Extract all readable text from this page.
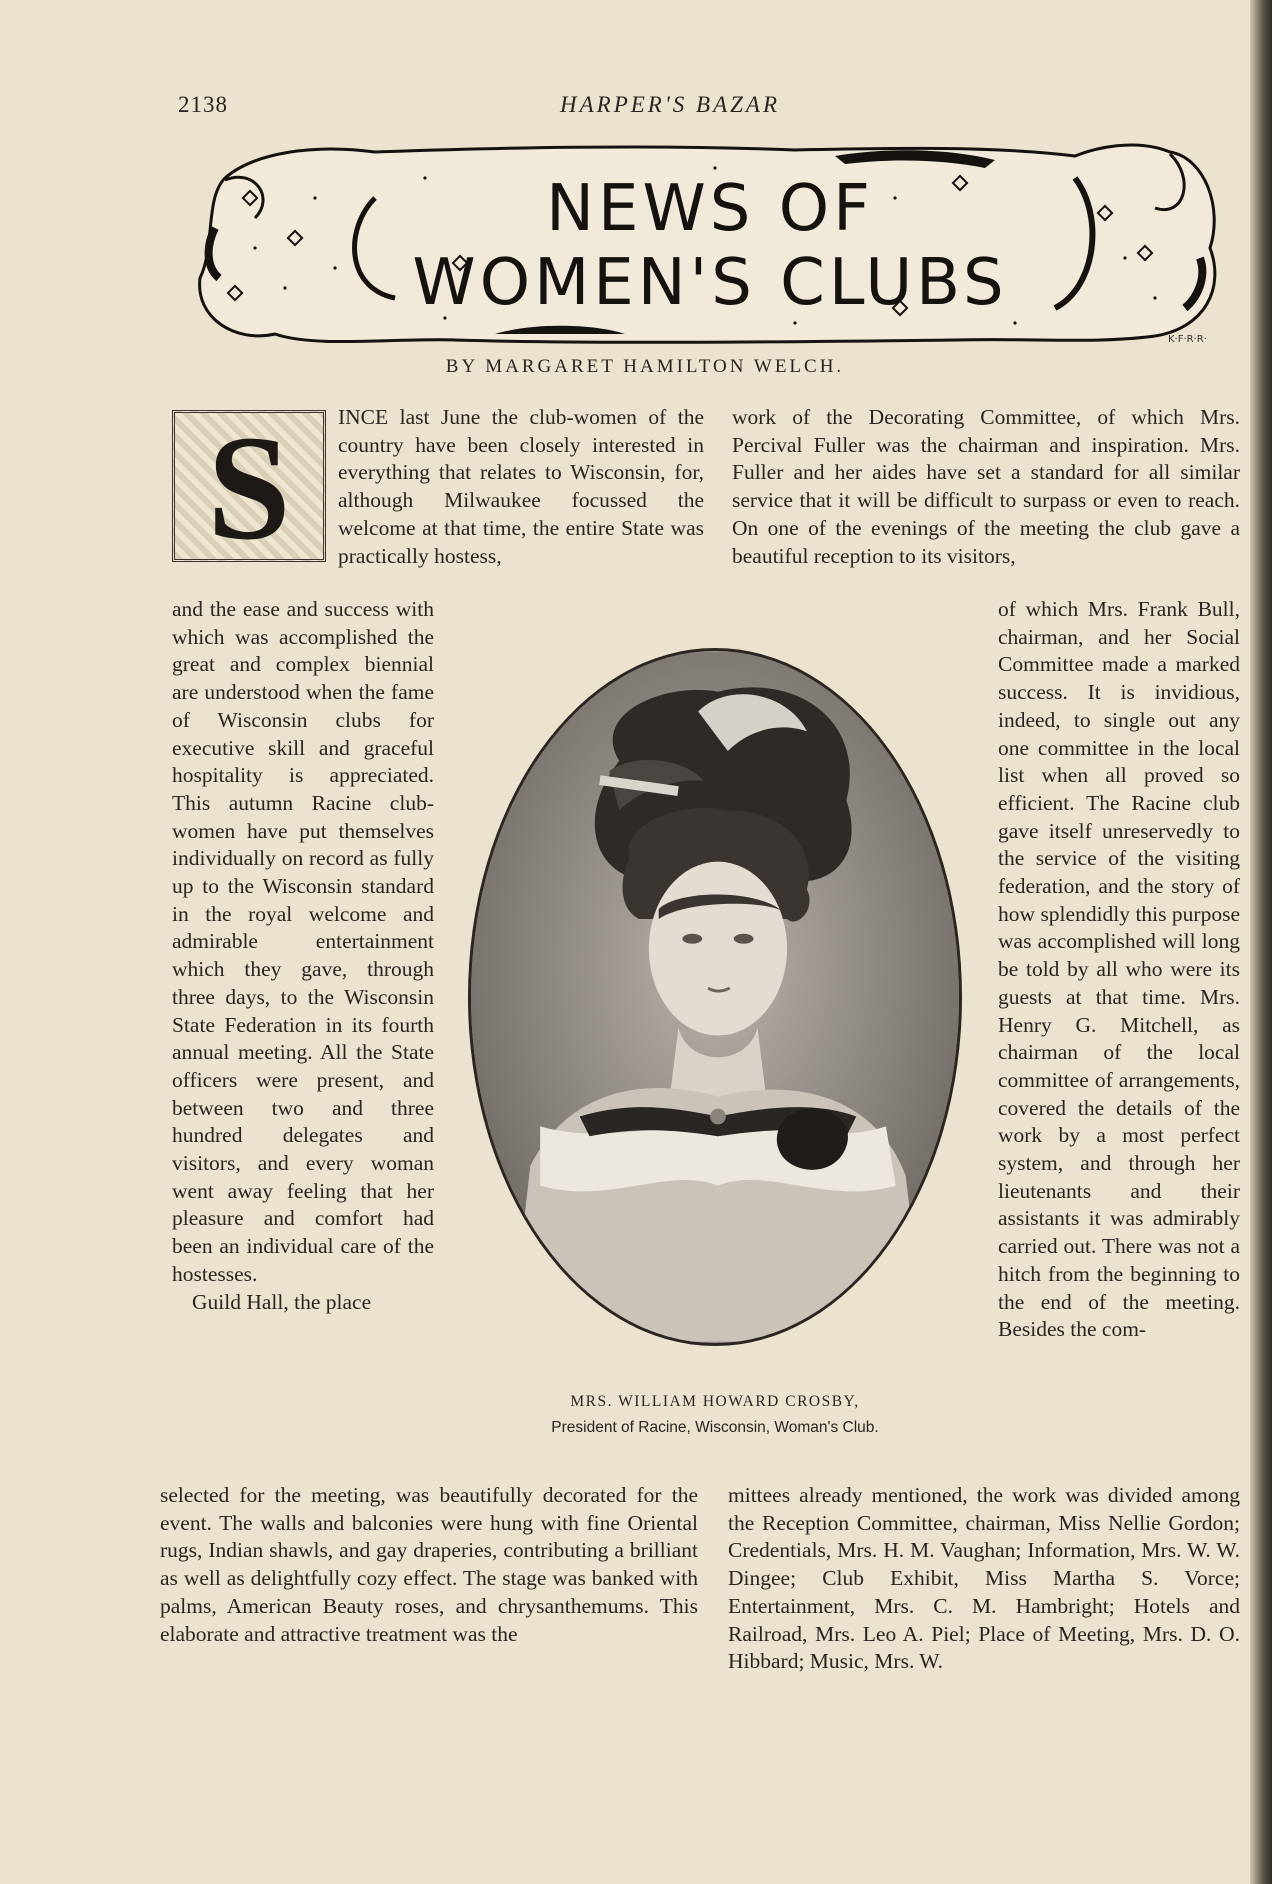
2138	HARPER'S BAZAR
NEWS OF
WOMEN'S CLUBS
K·F·R·R·
BY MARGARET HAMILTON WELCH.
S	INCE last June the club-women of the country have been closely interested in everything that relates to Wisconsin, for, although Milwaukee focussed the welcome at that time, the entire State was practically hostess,

and the ease and success with which was accomplished the great and complex biennial are understood when the fame of Wisconsin clubs for executive skill and graceful hospitality is appreciated. This autumn Racine club-women have put themselves individually on record as fully up to the Wisconsin standard in the royal welcome and admirable entertainment which they gave, through three days, to the Wisconsin State Federation in its fourth annual meeting. All the State officers were present, and between two and three hundred delegates and visitors, and every woman went away feeling that her pleasure and comfort had been an individual care of the hostesses.

Guild Hall, the place

selected for the meeting, was beautifully decorated for the event. The walls and balconies were hung with fine Oriental rugs, Indian shawls, and gay draperies, contributing a brilliant as well as delightfully cozy effect. The stage was banked with palms, American Beauty roses, and chrysanthemums. This elaborate and attractive treatment was the

work of the Decorating Committee, of which Mrs. Percival Fuller was the chairman and inspiration. Mrs. Fuller and her aides have set a standard for all similar service that it will be difficult to surpass or even to reach. On one of the evenings of the meeting the club gave a beautiful reception to its visitors,

of which Mrs. Frank Bull, chairman, and her Social Committee made a marked success. It is invidious, indeed, to single out any one committee in the local list when all proved so efficient. The Racine club gave itself unreservedly to the service of the visiting federation, and the story of how splendidly this purpose was accomplished will long be told by all who were its guests at that time. Mrs. Henry G. Mitchell, as chairman of the local committee of arrangements, covered the details of the work by a most perfect system, and through her lieutenants and their assistants it was admirably carried out. There was not a hitch from the beginning to the end of the meeting. Besides the com-

mittees already mentioned, the work was divided among the Reception Committee, chairman, Miss Nellie Gordon; Credentials, Mrs. H. M. Vaughan; Information, Mrs. W. W. Dingee; Club Exhibit, Miss Martha S. Vorce; Entertainment, Mrs. C. M. Hambright; Hotels and Railroad, Mrs. Leo A. Piel; Place of Meeting, Mrs. D. O. Hibbard; Music, Mrs. W.

MRS. WILLIAM HOWARD CROSBY,
President of Racine, Wisconsin, Woman's Club.
